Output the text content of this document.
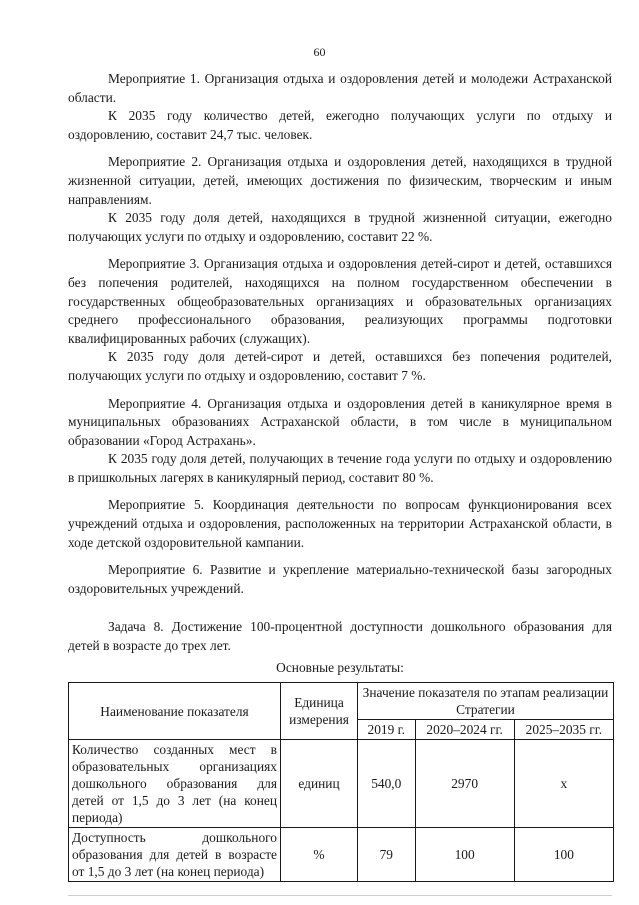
60

Мероприятие 1. Организация отдыха и оздоровления детей и молодежи Астраханской области.

К 2035 году количество детей, ежегодно получающих услуги по отдыху и оздоровлению, составит 24,7 тыс. человек.

Мероприятие 2. Организация отдыха и оздоровления детей, находящихся в трудной жизненной ситуации, детей, имеющих достижения по физическим, творческим и иным направлениям.

К 2035 году доля детей, находящихся в трудной жизненной ситуации, ежегодно получающих услуги по отдыху и оздоровлению, составит 22 %.

Мероприятие 3. Организация отдыха и оздоровления детей-сирот и детей, оставшихся без попечения родителей, находящихся на полном государственном обеспечении в государственных общеобразовательных организациях и образовательных организациях среднего профессионального образования, реализующих программы подготовки квалифицированных рабочих (служащих).

К 2035 году доля детей-сирот и детей, оставшихся без попечения родителей, получающих услуги по отдыху и оздоровлению, составит 7 %.

Мероприятие 4. Организация отдыха и оздоровления детей в каникулярное время в муниципальных образованиях Астраханской области, в том числе в муниципальном образовании «Город Астрахань».

К 2035 году доля детей, получающих в течение года услуги по отдыху и оздоровлению в пришкольных лагерях в каникулярный период, составит 80 %.

Мероприятие 5. Координация деятельности по вопросам функционирования всех учреждений отдыха и оздоровления, расположенных на территории Астраханской области, в ходе детской оздоровительной кампании.

Мероприятие 6. Развитие и укрепление материально-технической базы загородных оздоровительных учреждений.

Задача 8. Достижение 100-процентной доступности дошкольного образования для детей в возрасте до трех лет.

Основные результаты:
Наименование показателя	Единица измерения	Значение показателя по этапам реализации Стратегии		
		2019 г.	2020–2024 гг.	2025–2035 гг.
Количество созданных мест в образовательных организациях дошкольного образования для детей от 1,5 до 3 лет (на конец периода)	единиц	540,0	2970	х
Доступность дошкольного образования для детей в возрасте от 1,5 до 3 лет (на конец периода)	%	79	100	100
